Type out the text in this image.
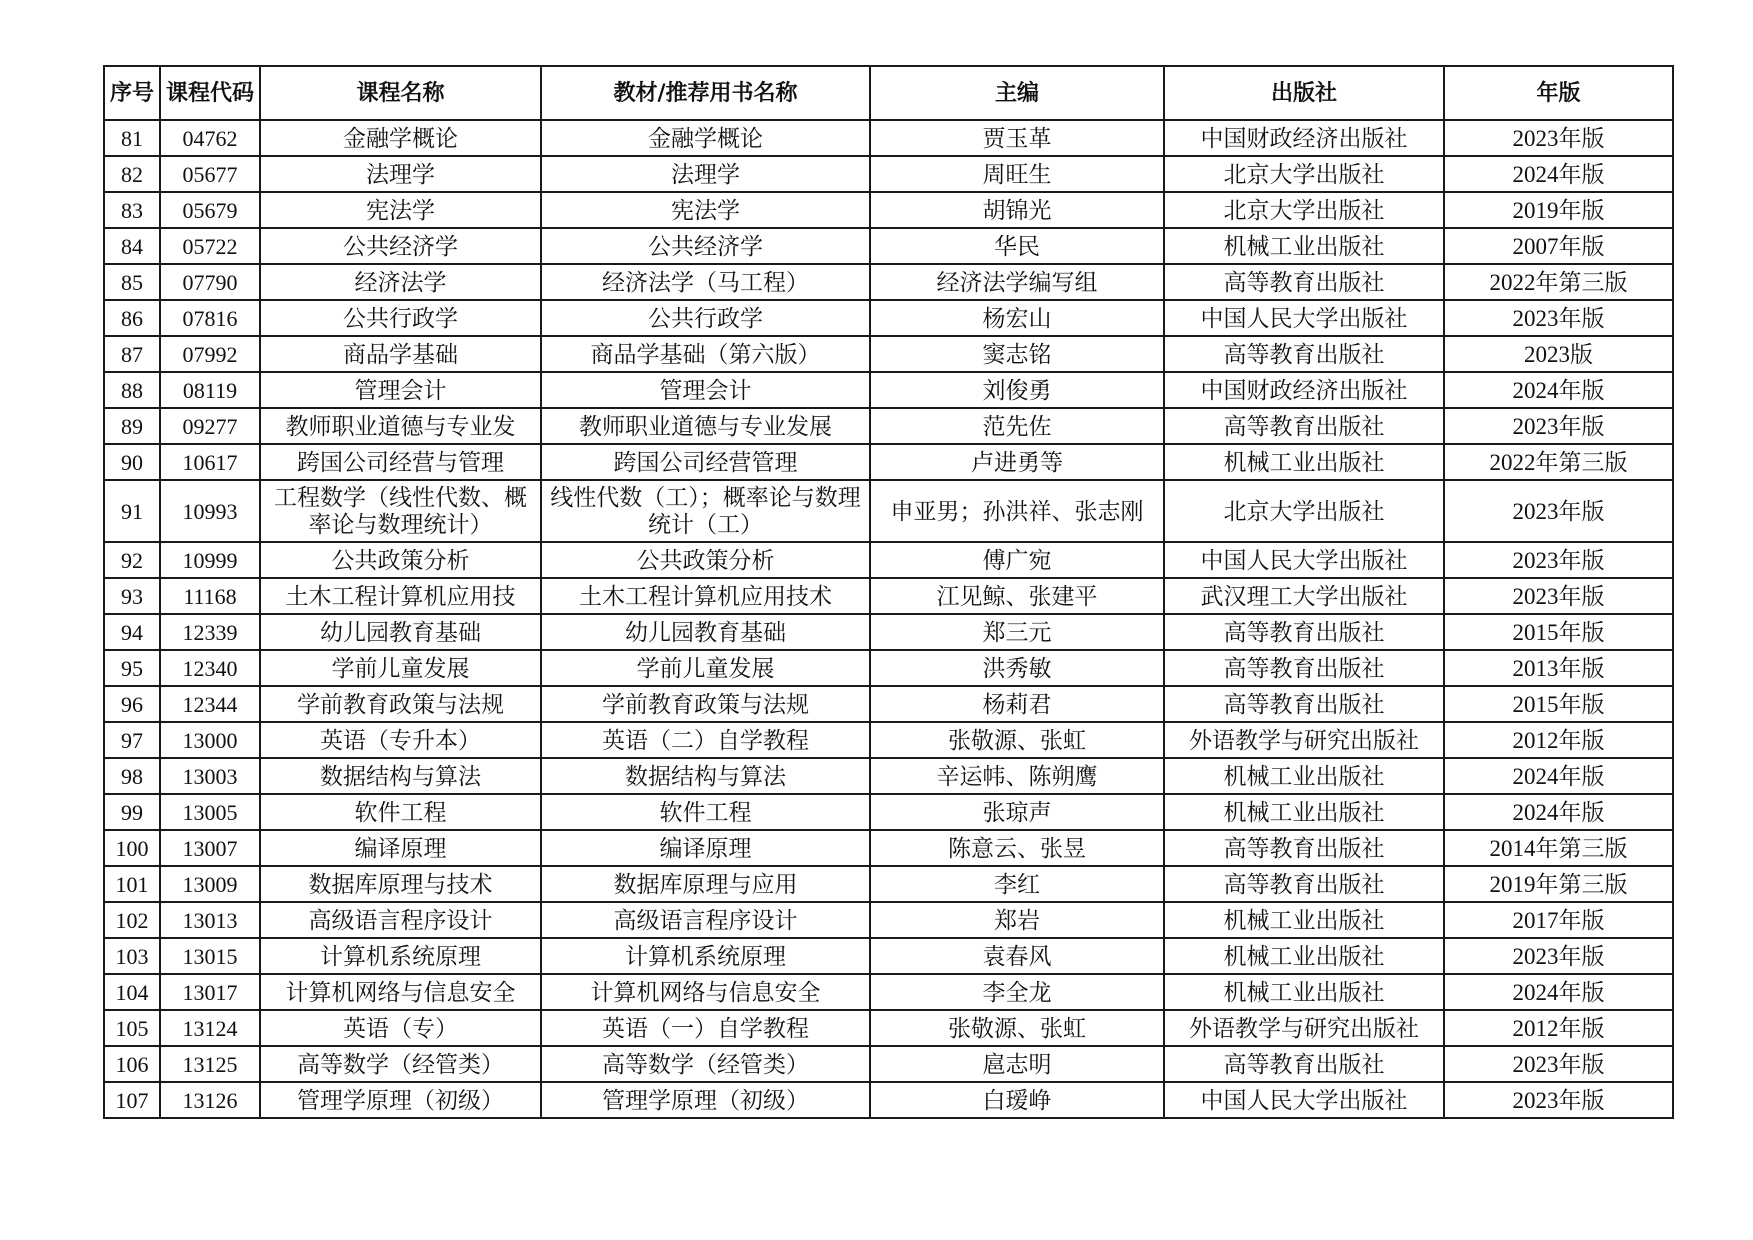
序号	课程代码	课程名称	教材/推荐用书名称	主编	出版社	年版
81	04762	金融学概论	金融学概论	贾玉革	中国财政经济出版社	2023年版
82	05677	法理学	法理学	周旺生	北京大学出版社	2024年版
83	05679	宪法学	宪法学	胡锦光	北京大学出版社	2019年版
84	05722	公共经济学	公共经济学	华民	机械工业出版社	2007年版
85	07790	经济法学	经济法学（马工程）	经济法学编写组	高等教育出版社	2022年第三版
86	07816	公共行政学	公共行政学	杨宏山	中国人民大学出版社	2023年版
87	07992	商品学基础	商品学基础（第六版）	窦志铭	高等教育出版社	2023版
88	08119	管理会计	管理会计	刘俊勇	中国财政经济出版社	2024年版
89	09277	教师职业道德与专业发	教师职业道德与专业发展	范先佐	高等教育出版社	2023年版
90	10617	跨国公司经营与管理	跨国公司经营管理	卢进勇等	机械工业出版社	2022年第三版
91	10993	工程数学（线性代数、概率论与数理统计）	线性代数（工）；概率论与数理统计（工）	申亚男；孙洪祥、张志刚	北京大学出版社	2023年版
92	10999	公共政策分析	公共政策分析	傅广宛	中国人民大学出版社	2023年版
93	11168	土木工程计算机应用技	土木工程计算机应用技术	江见鲸、张建平	武汉理工大学出版社	2023年版
94	12339	幼儿园教育基础	幼儿园教育基础	郑三元	高等教育出版社	2015年版
95	12340	学前儿童发展	学前儿童发展	洪秀敏	高等教育出版社	2013年版
96	12344	学前教育政策与法规	学前教育政策与法规	杨莉君	高等教育出版社	2015年版
97	13000	英语（专升本）	英语（二）自学教程	张敬源、张虹	外语教学与研究出版社	2012年版
98	13003	数据结构与算法	数据结构与算法	辛运帏、陈朔鹰	机械工业出版社	2024年版
99	13005	软件工程	软件工程	张琼声	机械工业出版社	2024年版
100	13007	编译原理	编译原理	陈意云、张昱	高等教育出版社	2014年第三版
101	13009	数据库原理与技术	数据库原理与应用	李红	高等教育出版社	2019年第三版
102	13013	高级语言程序设计	高级语言程序设计	郑岩	机械工业出版社	2017年版
103	13015	计算机系统原理	计算机系统原理	袁春风	机械工业出版社	2023年版
104	13017	计算机网络与信息安全	计算机网络与信息安全	李全龙	机械工业出版社	2024年版
105	13124	英语（专）	英语（一）自学教程	张敬源、张虹	外语教学与研究出版社	2012年版
106	13125	高等数学（经管类）	高等数学（经管类）	扈志明	高等教育出版社	2023年版
107	13126	管理学原理（初级）	管理学原理（初级）	白瑷峥	中国人民大学出版社	2023年版
